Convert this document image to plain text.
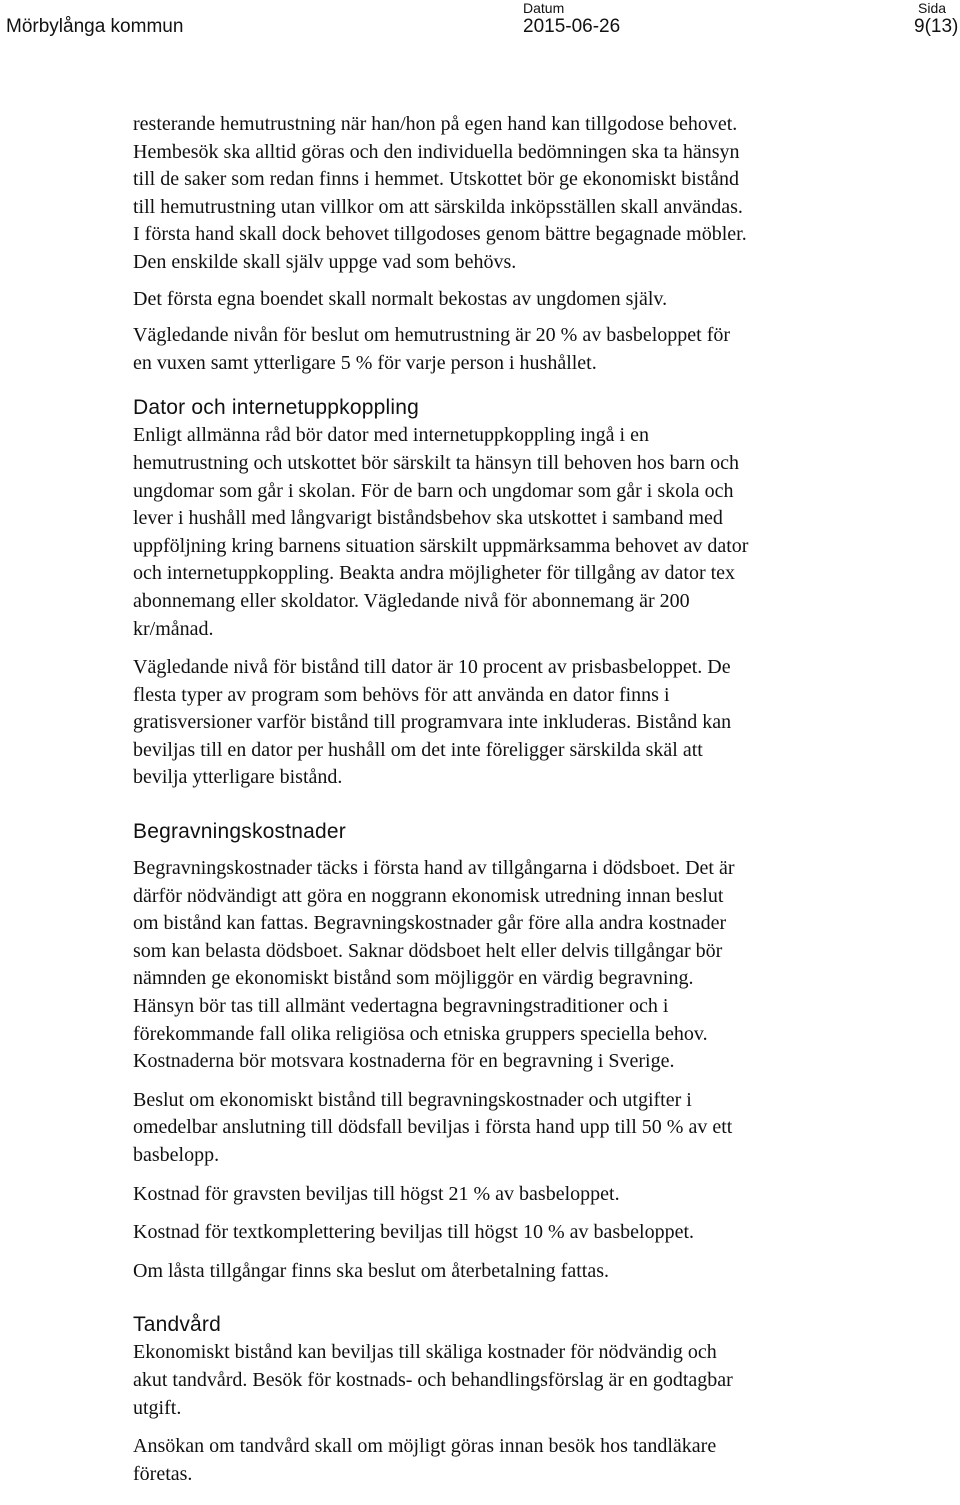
Mörbylånga kommun
Datum
2015-06-26
Sida
9(13)

resterande hemutrustning när han/hon på egen hand kan tillgodose behovet.
Hembesök ska alltid göras och den individuella bedömningen ska ta hänsyn
till de saker som redan finns i hemmet. Utskottet bör ge ekonomiskt bistånd
till hemutrustning utan villkor om att särskilda inköpsställen skall användas.
I första hand skall dock behovet tillgodoses genom bättre begagnade möbler.
Den enskilde skall själv uppge vad som behövs.

Det första egna boendet skall normalt bekostas av ungdomen själv.

Vägledande nivån för beslut om hemutrustning är 20 % av basbeloppet för
en vuxen samt ytterligare 5 % för varje person i hushållet.

Dator och internetuppkoppling

Enligt allmänna råd bör dator med internetuppkoppling ingå i en
hemutrustning och utskottet bör särskilt ta hänsyn till behoven hos barn och
ungdomar som går i skolan. För de barn och ungdomar som går i skola och
lever i hushåll med långvarigt biståndsbehov ska utskottet i samband med
uppföljning kring barnens situation särskilt uppmärksamma behovet av dator
och internetuppkoppling. Beakta andra möjligheter för tillgång av dator tex
abonnemang eller skoldator. Vägledande nivå för abonnemang är 200
kr/månad.

Vägledande nivå för bistånd till dator är 10 procent av prisbasbeloppet. De
flesta typer av program som behövs för att använda en dator finns i
gratisversioner varför bistånd till programvara inte inkluderas. Bistånd kan
beviljas till en dator per hushåll om det inte föreligger särskilda skäl att
bevilja ytterligare bistånd.

Begravningskostnader

Begravningskostnader täcks i första hand av tillgångarna i dödsboet. Det är
därför nödvändigt att göra en noggrann ekonomisk utredning innan beslut
om bistånd kan fattas. Begravningskostnader går före alla andra kostnader
som kan belasta dödsboet. Saknar dödsboet helt eller delvis tillgångar bör
nämnden ge ekonomiskt bistånd som möjliggör en värdig begravning.
Hänsyn bör tas till allmänt vedertagna begravningstraditioner och i
förekommande fall olika religiösa och etniska gruppers speciella behov.
Kostnaderna bör motsvara kostnaderna för en begravning i Sverige.

Beslut om ekonomiskt bistånd till begravningskostnader och utgifter i
omedelbar anslutning till dödsfall beviljas i första hand upp till 50 % av ett
basbelopp.

Kostnad för gravsten beviljas till högst 21 % av basbeloppet.

Kostnad för textkomplettering beviljas till högst 10 % av basbeloppet.

Om låsta tillgångar finns ska beslut om återbetalning fattas.

Tandvård

Ekonomiskt bistånd kan beviljas till skäliga kostnader för nödvändig och
akut tandvård. Besök för kostnads- och behandlingsförslag är en godtagbar
utgift.

Ansökan om tandvård skall om möjligt göras innan besök hos tandläkare
företas.
